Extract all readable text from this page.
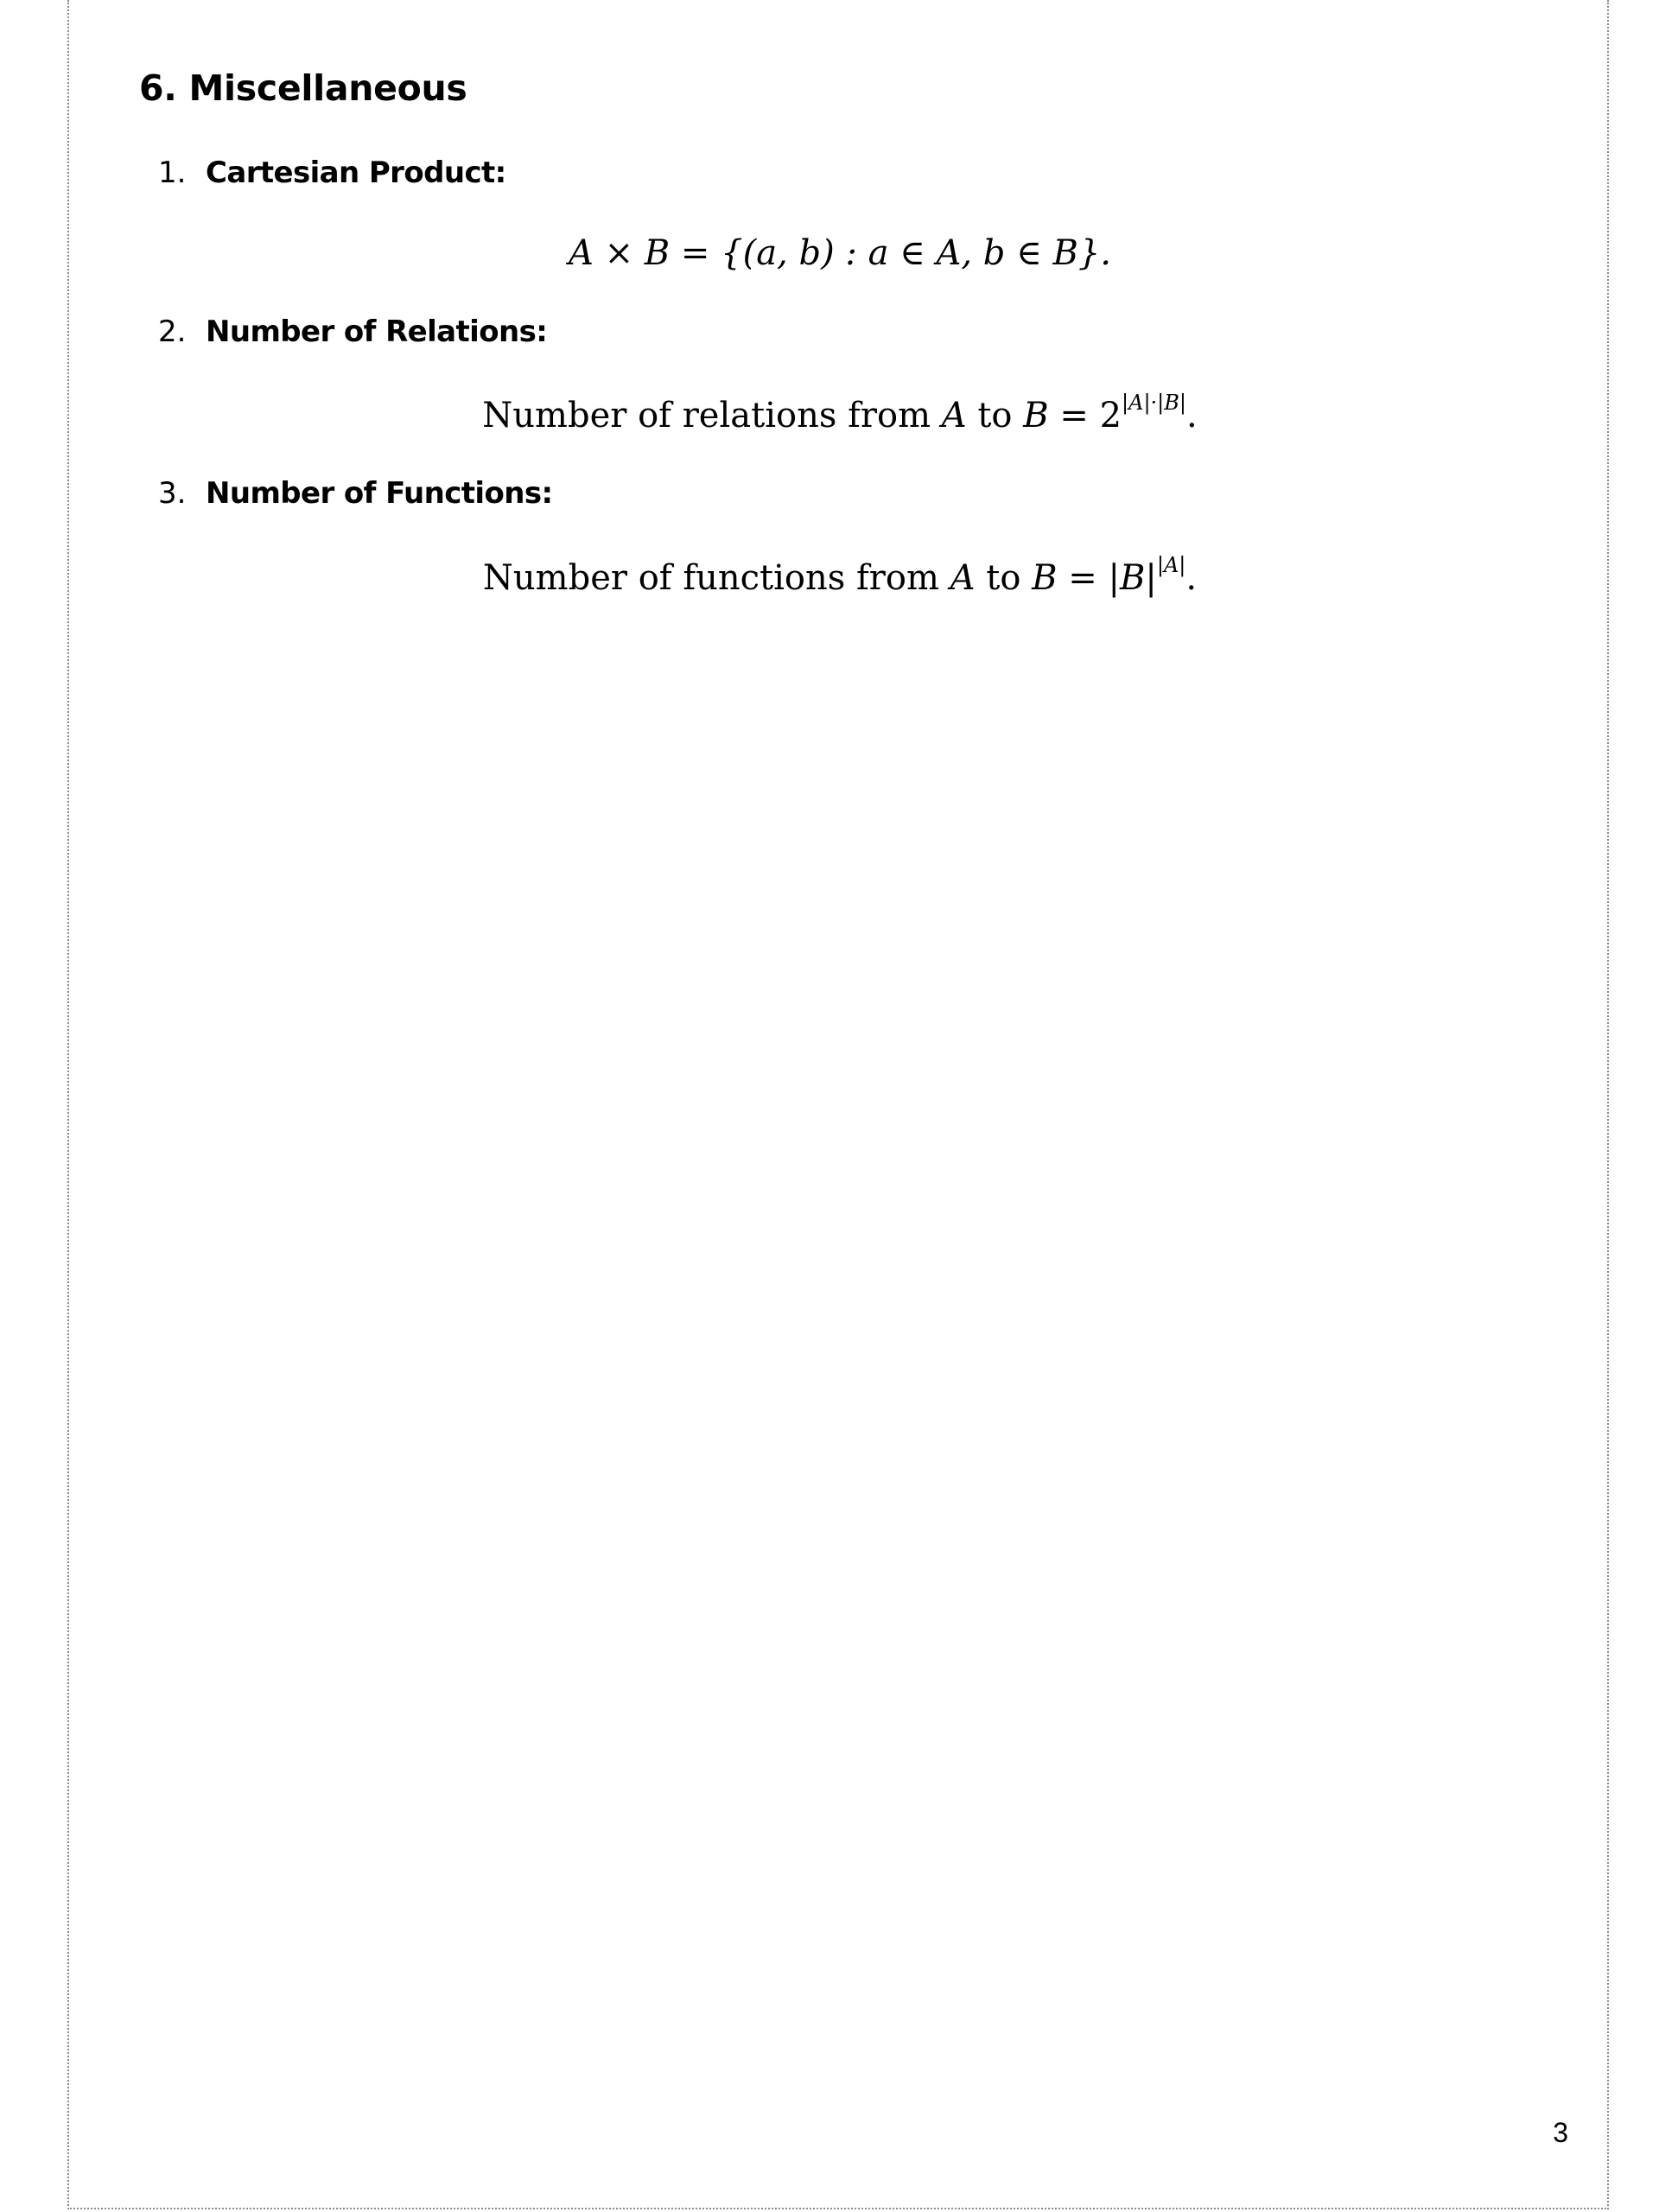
6. Miscellaneous
1. Cartesian Product:
A × B = {(a, b) : a ∈ A, b ∈ B}.
2. Number of Relations:
Number of relations from A to $B = 2^{|A|\cdot|B|}$.
3. Number of Functions:
Number of functions from A to $B = |B|^{|A|}$.
3
